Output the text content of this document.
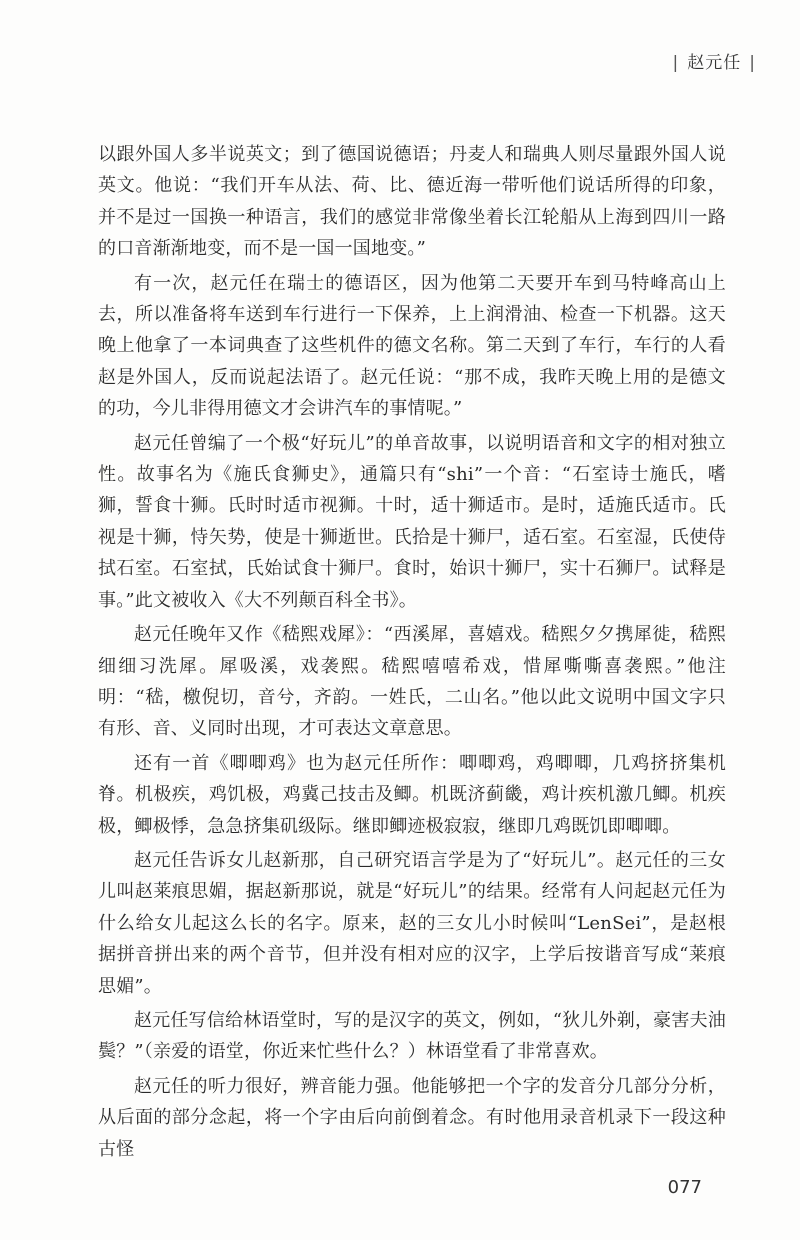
| 赵元任 |

以跟外国人多半说英文；到了德国说德语；丹麦人和瑞典人则尽量跟外国人说英文。他说：“我们开车从法、荷、比、德近海一带听他们说话所得的印象，并不是过一国换一种语言，我们的感觉非常像坐着长江轮船从上海到四川一路的口音渐渐地变，而不是一国一国地变。”

有一次，赵元任在瑞士的德语区，因为他第二天要开车到马特峰高山上去，所以准备将车送到车行进行一下保养，上上润滑油、检查一下机器。这天晚上他拿了一本词典查了这些机件的德文名称。第二天到了车行，车行的人看赵是外国人，反而说起法语了。赵元任说：“那不成，我昨天晚上用的是德文的功，今儿非得用德文才会讲汽车的事情呢。”

赵元任曾编了一个极“好玩儿”的单音故事，以说明语音和文字的相对独立性。故事名为《施氏食狮史》，通篇只有“shi”一个音：“石室诗士施氏，嗜狮，誓食十狮。氏时时适市视狮。十时，适十狮适市。是时，适施氏适市。氏视是十狮，恃矢势，使是十狮逝世。氏拾是十狮尸，适石室。石室湿，氏使侍拭石室。石室拭，氏始试食十狮尸。食时，始识十狮尸，实十石狮尸。试释是事。”此文被收入《大不列颠百科全书》。

赵元任晚年又作《嵇熙戏犀》：“西溪犀，喜嬉戏。嵇熙夕夕携犀徙，嵇熙细细习洗犀。犀吸溪，戏袭熙。嵇熙嘻嘻希戏，惜犀嘶嘶喜袭熙。”他注明：“嵇，檄倪切，音兮，齐韵。一姓氏，二山名。”他以此文说明中国文字只有形、音、义同时出现，才可表达文章意思。

还有一首《唧唧鸡》也为赵元任所作：唧唧鸡，鸡唧唧，几鸡挤挤集机脊。机极疾，鸡饥极，鸡冀己技击及鲫。机既济蓟畿，鸡计疾机激几鲫。机疾极，鲫极悸，急急挤集矶级际。继即鲫迹极寂寂，继即几鸡既饥即唧唧。

赵元任告诉女儿赵新那，自己研究语言学是为了“好玩儿”。赵元任的三女儿叫赵莱痕思媚，据赵新那说，就是“好玩儿”的结果。经常有人问起赵元任为什么给女儿起这么长的名字。原来，赵的三女儿小时候叫“LenSei”，是赵根据拼音拼出来的两个音节，但并没有相对应的汉字，上学后按谐音写成“莱痕思媚”。

赵元任写信给林语堂时，写的是汉字的英文，例如，“狄儿外剃，豪害夫油鬓？”（亲爱的语堂，你近来忙些什么？）林语堂看了非常喜欢。

赵元任的听力很好，辨音能力强。他能够把一个字的发音分几部分分析，从后面的部分念起，将一个字由后向前倒着念。有时他用录音机录下一段这种古怪

077
